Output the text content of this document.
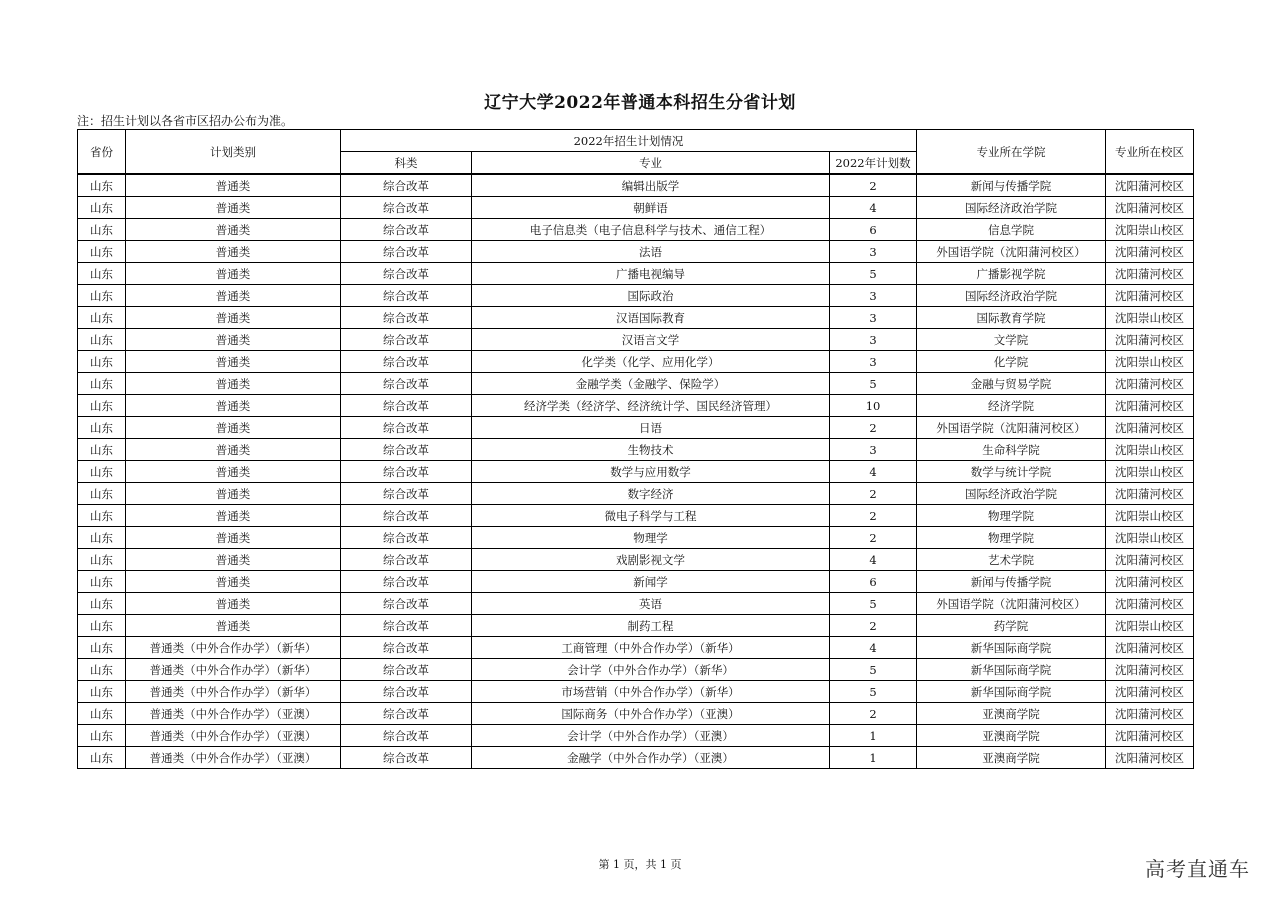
辽宁大学2022年普通本科招生分省计划
注：招生计划以各省市区招办公布为准。
省份	计划类别	2022年招生计划情况			专业所在学院	专业所在校区
		科类	专业	2022年计划数		
山东	普通类	综合改革	编辑出版学	2	新闻与传播学院	沈阳蒲河校区
山东	普通类	综合改革	朝鲜语	4	国际经济政治学院	沈阳蒲河校区
山东	普通类	综合改革	电子信息类（电子信息科学与技术、通信工程）	6	信息学院	沈阳崇山校区
山东	普通类	综合改革	法语	3	外国语学院（沈阳蒲河校区）	沈阳蒲河校区
山东	普通类	综合改革	广播电视编导	5	广播影视学院	沈阳蒲河校区
山东	普通类	综合改革	国际政治	3	国际经济政治学院	沈阳蒲河校区
山东	普通类	综合改革	汉语国际教育	3	国际教育学院	沈阳崇山校区
山东	普通类	综合改革	汉语言文学	3	文学院	沈阳蒲河校区
山东	普通类	综合改革	化学类（化学、应用化学）	3	化学院	沈阳崇山校区
山东	普通类	综合改革	金融学类（金融学、保险学）	5	金融与贸易学院	沈阳蒲河校区
山东	普通类	综合改革	经济学类（经济学、经济统计学、国民经济管理）	10	经济学院	沈阳蒲河校区
山东	普通类	综合改革	日语	2	外国语学院（沈阳蒲河校区）	沈阳蒲河校区
山东	普通类	综合改革	生物技术	3	生命科学院	沈阳崇山校区
山东	普通类	综合改革	数学与应用数学	4	数学与统计学院	沈阳崇山校区
山东	普通类	综合改革	数字经济	2	国际经济政治学院	沈阳蒲河校区
山东	普通类	综合改革	微电子科学与工程	2	物理学院	沈阳崇山校区
山东	普通类	综合改革	物理学	2	物理学院	沈阳崇山校区
山东	普通类	综合改革	戏剧影视文学	4	艺术学院	沈阳蒲河校区
山东	普通类	综合改革	新闻学	6	新闻与传播学院	沈阳蒲河校区
山东	普通类	综合改革	英语	5	外国语学院（沈阳蒲河校区）	沈阳蒲河校区
山东	普通类	综合改革	制药工程	2	药学院	沈阳崇山校区
山东	普通类（中外合作办学）（新华）	综合改革	工商管理（中外合作办学）（新华）	4	新华国际商学院	沈阳蒲河校区
山东	普通类（中外合作办学）（新华）	综合改革	会计学（中外合作办学）（新华）	5	新华国际商学院	沈阳蒲河校区
山东	普通类（中外合作办学）（新华）	综合改革	市场营销（中外合作办学）（新华）	5	新华国际商学院	沈阳蒲河校区
山东	普通类（中外合作办学）（亚澳）	综合改革	国际商务（中外合作办学）（亚澳）	2	亚澳商学院	沈阳蒲河校区
山东	普通类（中外合作办学）（亚澳）	综合改革	会计学（中外合作办学）（亚澳）	1	亚澳商学院	沈阳蒲河校区
山东	普通类（中外合作办学）（亚澳）	综合改革	金融学（中外合作办学）（亚澳）	1	亚澳商学院	沈阳蒲河校区
第 1 页，共 1 页	高考直通车
